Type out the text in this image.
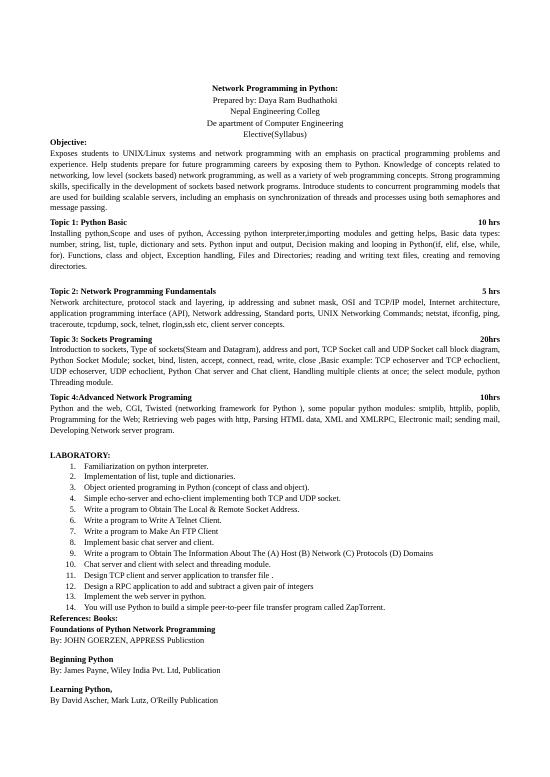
Network Programming in Python:
Prepared by: Daya Ram Budhathoki
Nepal Engineering Colleg
De apartment of Computer Engineering
Elective(Syllabus)
Objective:
Exposes students to UNIX/Linux systems and network programming with an emphasis on practical programming problems and experience. Help students prepare for future programming careers by exposing them to Python. Knowledge of concepts related to networking, low level (sockets based) network programming, as well as a variety of web programming concepts. Strong programming skills, specifically in the development of sockets based network programs. Introduce students to concurrent programming models that are used for building scalable servers, including an emphasis on synchronization of threads and processes using both semaphores and message passing.
Topic 1: Python Basic	10 hrs
Installing python,Scope and uses of python, Accessing python interpreter,importing modules and getting helps, Basic data types: number, string, list, tuple, dictionary and sets. Python input and output, Decision making and looping in Python(if, elif, else, while, for). Functions, class and object, Exception handling, Files and Directories; reading and writing text files, creating and removing directories.
Topic 2: Network Programming Fundamentals	5 hrs
Network architecture, protocol stack and layering, ip addressing and subnet mask, OSI and TCP/IP model, Internet architecture, application programming interface (API), Network addressing, Standard ports, UNIX Networking Commands; netstat, ifconfig, ping, traceroute, tcpdump, sock, telnet, rlogin,ssh etc, client server concepts.
Topic 3: Sockets Programing	20hrs
Introduction to sockets, Type of sockets(Steam and Datagram), address and port, TCP Socket call and UDP Socket call block diagram, Python Socket Module; socket, bind, listen, accept, connect, read, write, close ,Basic example: TCP echoserver and TCP echoclient, UDP echoserver, UDP echoclient, Python Chat server and Chat client, Handling multiple clients at once; the select module, python Threading module.
Topic 4:Advanced Network Programing	10hrs
Python and the web, CGI, Twisted (networking framework for Python ), some popular python modules: smtplib, httplib, poplib, Programming for the Web; Retrieving web pages with http, Parsing HTML data, XML and XMLRPC, Electronic mail; sending mail, Developing Network server program.
LABORATORY:
1. Familiarization on python interpreter.
2. Implementation of list, tuple and dictionaries.
3. Object oriented programing in Python (concept of class and object).
4. Simple echo-server and echo-client implementing both TCP and UDP socket.
5. Write a program to Obtain The Local & Remote Socket Address.
6. Write a program to Write A Telnet Client.
7. Write a program to Make An FTP Client
8. Implement basic chat server and client.
9. Write a program to Obtain The Information About The (A) Host (B) Network (C) Protocols (D) Domains
10. Chat server and client with select and threading module.
11. Design TCP client and server application to transfer file .
12. Design a RPC application to add and subtract a given pair of integers
13. Implement the web server in python.
14. You will use Python to build a simple peer-to-peer file transfer program called ZapTorrent.
References: Books:
Foundations of Python Network Programming
By: JOHN GOERZEN, APPRESS Publicstion
Beginning Python
By: James Payne, Wiley India Pvt. Ltd, Publication
Learning Python,
By David Ascher, Mark Lutz, O'Reilly Publication
